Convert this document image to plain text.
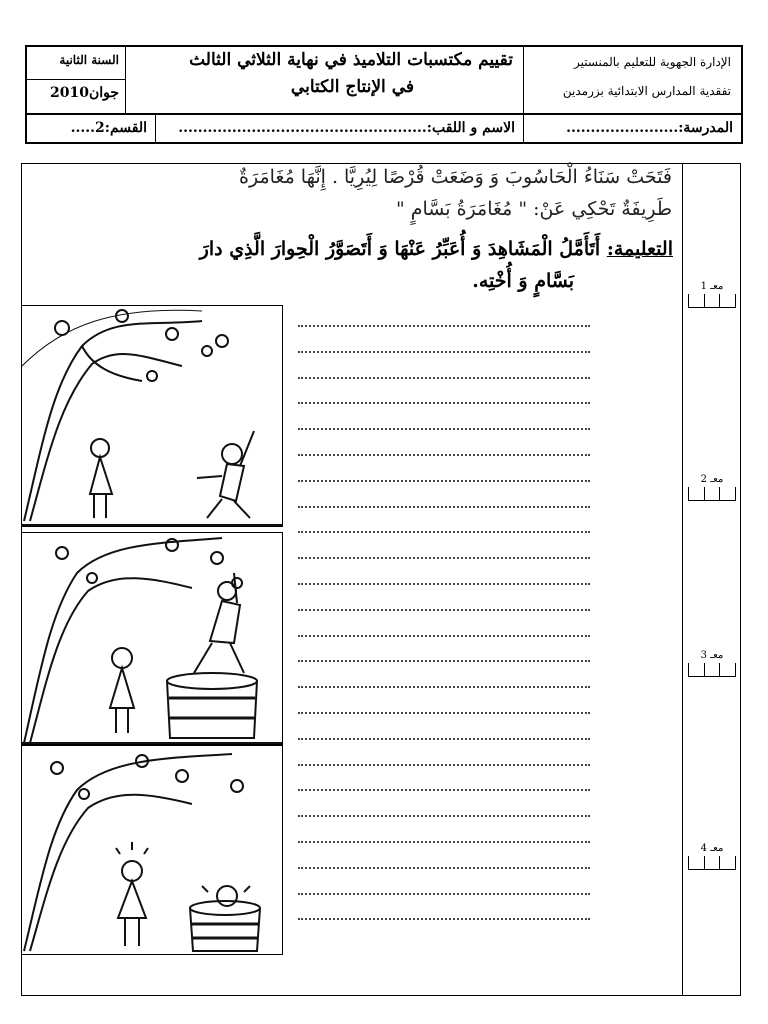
الإدارة الجهوية للتعليم بالمنستير
تفقدية المدارس الابتدائية بزرمدين
تقييم مكتسبات التلاميذ في نهاية الثلاثي الثالث
في الإنتاج الكتابي
السنة الثانية
جوان2010
المدرسة:.......................
الاسم و اللقب:...................................................
القسم:2.....
فَتَحَتْ سَنَاءُ الْحَاسُوبَ وَ وَضَعَتْ قُرْصًا لِيُرِيَّا . إِنَّهَا مُغَامَرَةٌ
طَرِيفَةٌ تَحْكِي عَنْ: " مُغَامَرَةُ بَسَّامٍ "
التعليمة: أَتَأَمَّلُ الْمَشَاهِدَ وَ أُعَبِّرُ عَنْهَا وَ أَتَصَوَّرُ الْحِوارَ الَّذِي دارَ
بَسَّامٍ وَ أُخْتِه.	معـ 1
معـ 2
معـ 3
معـ 4
